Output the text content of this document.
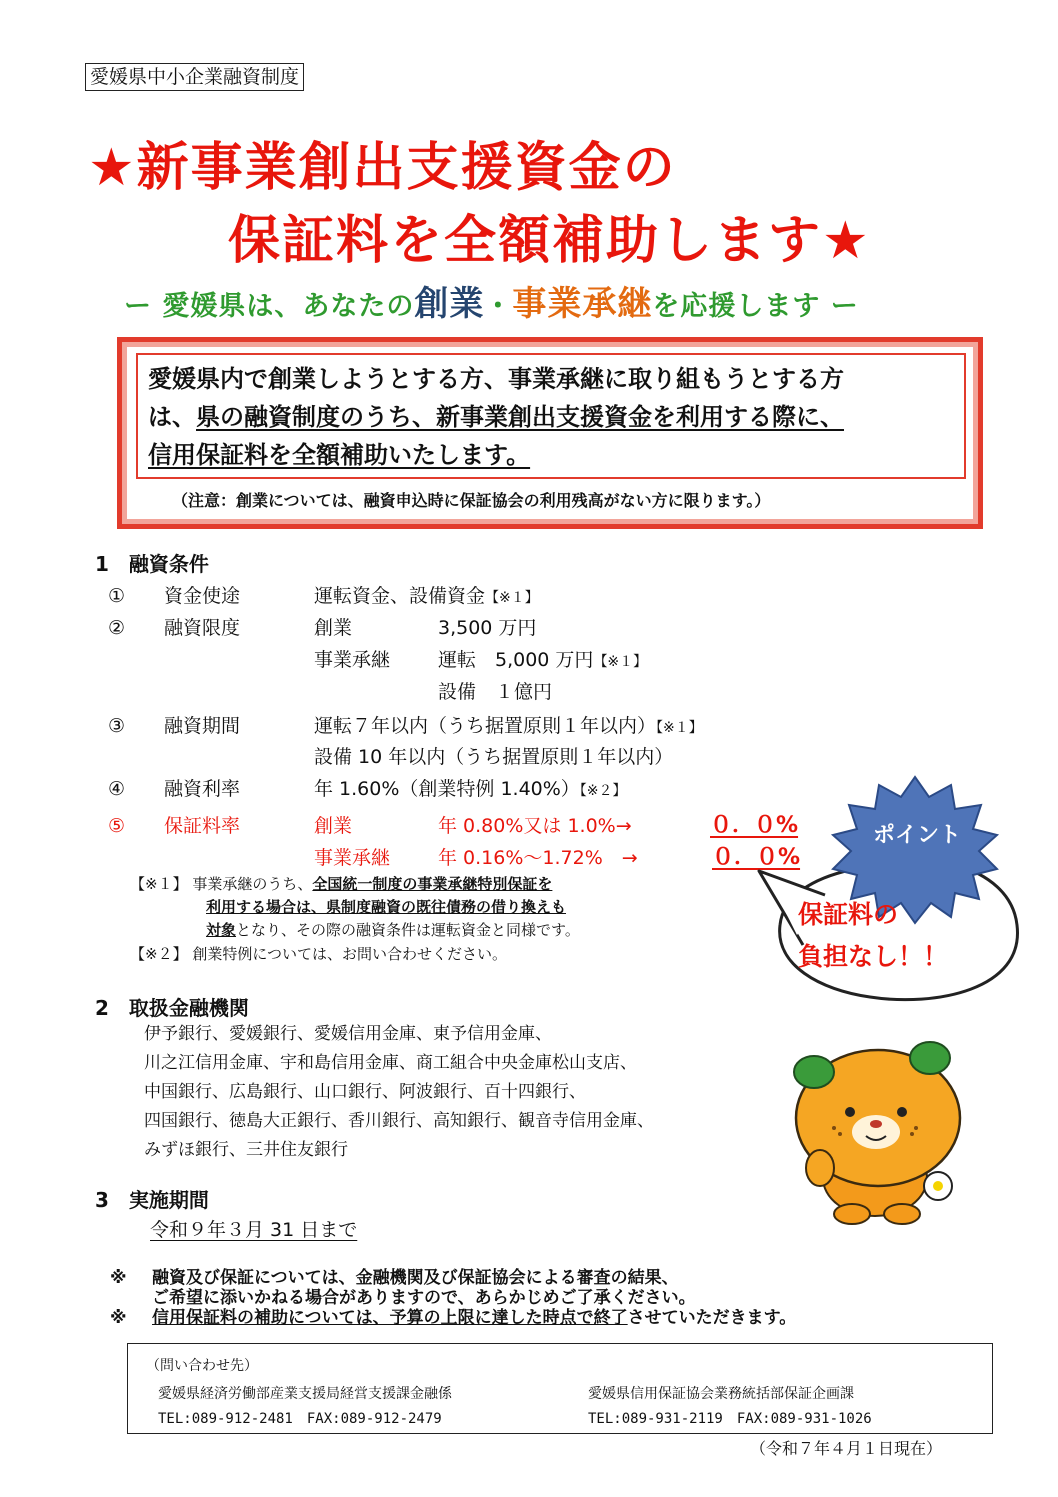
愛媛県中小企業融資制度
★新事業創出支援資金の
保証料を全額補助します★
ー 愛媛県は、あなたの創業・事業承継を応援します ー
愛媛県内で創業しようとする方、事業承継に取り組もうとする方
は、県の融資制度のうち、新事業創出支援資金を利用する際に、
信用保証料を全額補助いたします。
（注意：創業については、融資申込時に保証協会の利用残高がない方に限ります。）
1　融資条件
① 資金使途	運転資金、設備資金【※１】
② 融資限度	創業	3,500 万円
事業承継	運転　5,000 万円【※１】
設備　１億円
③ 融資期間	運転７年以内（うち据置原則１年以内）【※１】
設備 10 年以内（うち据置原則１年以内）
④ 融資利率	年 1.60%（創業特例 1.40%）【※２】
⑤ 保証料率	創業	年 0.80%又は 1.0%→	０．０%
事業承継	年 0.16%～1.72%　→	０．０%
【※１】 事業承継のうち、全国統一制度の事業承継特別保証を
利用する場合は、県制度融資の既往債務の借り換えも
対象となり、その際の融資条件は運転資金と同様です。
【※２】 創業特例については、お問い合わせください。
ポイント
保証料の
負担なし！！
2　取扱金融機関
伊予銀行、愛媛銀行、愛媛信用金庫、東予信用金庫、
川之江信用金庫、宇和島信用金庫、商工組合中央金庫松山支店、
中国銀行、広島銀行、山口銀行、阿波銀行、百十四銀行、
四国銀行、徳島大正銀行、香川銀行、高知銀行、観音寺信用金庫、
みずほ銀行、三井住友銀行
3　実施期間
令和９年３月 31 日まで
※ 融資及び保証については、金融機関及び保証協会による審査の結果、
ご希望に添いかねる場合がありますので、あらかじめご了承ください。
※ 信用保証料の補助については、予算の上限に達した時点で終了させていただきます。
（問い合わせ先）
愛媛県経済労働部産業支援局経営支援課金融係
TEL:089-912-2481　FAX:089-912-2479
愛媛県信用保証協会業務統括部保証企画課
TEL:089-931-2119　FAX:089-931-1026
（令和７年４月１日現在）
